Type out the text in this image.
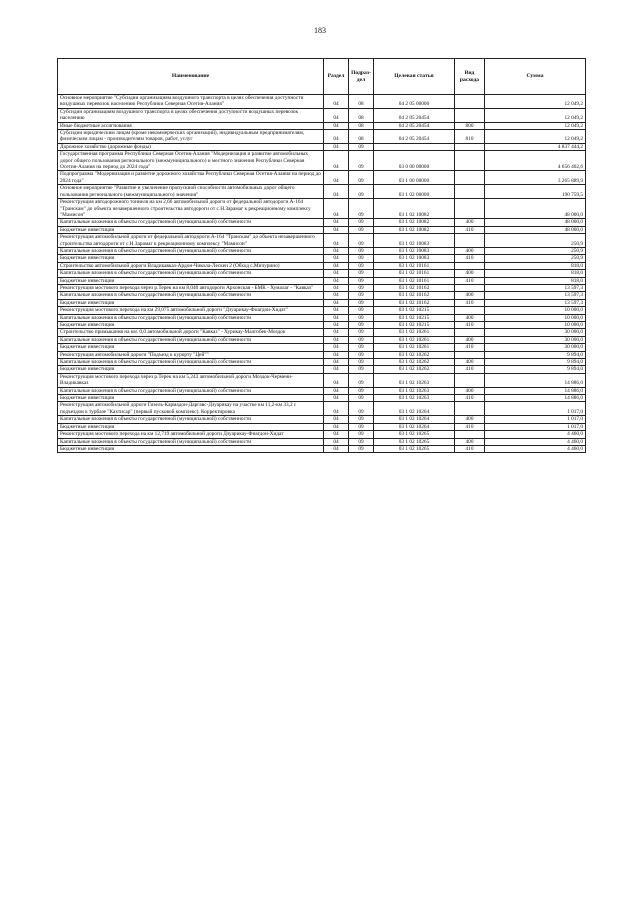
183
Наименование	Раздел	Подраз-дел	Целевая статья	Вид расхода	Сумма
Основное мероприятие "Субсидии организациям воздушного транспорта в целях обеспечения доступности воздушных перевозок населению Республики Северная Осетия-Алания"	04	08	04 2 05 00000		12 049,2
Субсидии организациям воздушного транспорта в целях обеспечения доступности воздушных перевозок населению	04	08	04 2 05 20454		12 049,2
Иные бюджетные ассигнования	04	08	04 2 05 20454	800	12 049,2
Субсидии юридическим лицам (кроме некоммерческих организаций), индивидуальным предпринимателям, физическим лицам - производителям товаров, работ, услуг	04	08	04 2 05 20454	810	12 049,2
Дорожное хозяйство (дорожные фонды)	04	09			4 837 444,2
Государственная программа Республики Северная Осетия-Алания "Модернизация и развитие автомобильных дорог общего пользования регионального (межмуниципального) и местного значения Республики Северная Осетия-Алания на период до 2024 года"	04	09	03 0 00 00000		4 656 402,6
Подпрограмма "Модернизация и развитие дорожного хозяйства Республики Северная Осетия-Алания на период до 2024 года"	04	09	03 1 00 00000		3 265 889,9
Основное мероприятие "Развитие и увеличение пропускной способности автомобильных дорог общего пользования регионального (межмуниципального) значения"	04	09	03 1 02 00000		190 759,5
Реконструкция автодорожного тоннеля на км 2,66 автомобильной дороги от федеральной автодороги А-164 "Транскам" до объекта незавершенного строительства автодороги от с.Н.Зарамаг к рекреационному комплексу "Мамисон"	04	09	03 1 02 10082		48 000,0
Капитальные вложения в объекты государственной (муниципальной) собственности	04	09	03 1 02 10082	400	48 000,0
Бюджетные инвестиции	04	09	03 1 02 10082	410	48 000,0
Реконструкция автомобильной дороги от федеральной автодороги А-164 "Транскам" до объекта незавершенного строительства автодороги от с.Н.Зарамаг к рекреационному комплексу "Мамисон"	04	09	03 1 02 10083		250,9
Капитальные вложения в объекты государственной (муниципальной) собственности	04	09	03 1 02 10083	400	250,9
Бюджетные инвестиции	04	09	03 1 02 10083	410	250,9
Строительство автомобильной дороги Владикавказ-Ардон-Чикола-Лескен 2 (Обход с.Мичурино)	04	09	03 1 02 10161		818,0
Капитальные вложения в объекты государственной (муниципальной) собственности	04	09	03 1 02 10161	400	818,0
Бюджетные инвестиции	04	09	03 1 02 10161	410	818,0
Реконструкция мостового перехода через р.Терек на км 8,040 автодороги Архонская - БМК - Хумалаг - "Кавказ"	04	09	03 1 02 10162		13 597,3
Капитальные вложения в объекты государственной (муниципальной) собственности	04	09	03 1 02 10162	400	13 597,3
Бюджетные инвестиции	04	09	03 1 02 10162	410	13 597,3
Реконструкция мостового перехода на км 29,075 автомобильной дороги "Дзуарикау-Фиагдон-Хидат"	04	09	03 1 02 10215		10 000,0
Капитальные вложения в объекты государственной (муниципальной) собственности	04	09	03 1 02 10215	400	10 000,0
Бюджетные инвестиции	04	09	03 1 02 10215	410	10 000,0
Строительство примыкания на км. 0,0 автомобильной дороги "Кавказ" - Хурикау-Малгобек-Моздок	04	09	03 1 02 10261		30 000,0
Капитальные вложения в объекты государственной (муниципальной) собственности	04	09	03 1 02 10261	400	30 000,0
Бюджетные инвестиции	04	09	03 1 02 10261	410	30 000,0
Реконструкция автомобильной дороги "Подъезд к курорту "Цей""	04	09	03 1 02 10262		9 894,0
Капитальные вложения в объекты государственной (муниципальной) собственности	04	09	03 1 02 10262	400	9 894,0
Бюджетные инвестиции	04	09	03 1 02 10262	410	9 894,0
Реконструкция мостового перехода через р.Терек на км 5,243 автомобильной дороги Моздок-Черменн-Владикавказ	04	09	03 1 02 10263		14 886,0
Капитальные вложения в объекты государственной (муниципальной) собственности	04	09	03 1 02 10263	400	14 886,0
Бюджетные инвестиции	04	09	03 1 02 10263	410	14 886,0
Реконструкция автомобильной дороги Гизель-Кармадон-Даргавс-Дзуарикау на участке км 11,2-км 33,2 с подъездом к турбазе "Кахтисар" (первый пусковой комплекс). Корректировка	04	09	03 1 02 10264		1 017,0
Капитальные вложения в объекты государственной (муниципальной) собственности	04	09	03 1 02 10264	400	1 017,0
Бюджетные инвестиции	04	09	03 1 02 10264	410	1 017,0
Реконструкция мостового перехода на км 12,719 автомобильной дороги Дзуарикау-Фиагдон-Хидат	04	09	03 1 02 10265		4 460,0
Капитальные вложения в объекты государственной (муниципальной) собственности	04	09	03 1 02 10265	400	4 460,0
Бюджетные инвестиции	04	09	03 1 02 10265	410	4 460,0
